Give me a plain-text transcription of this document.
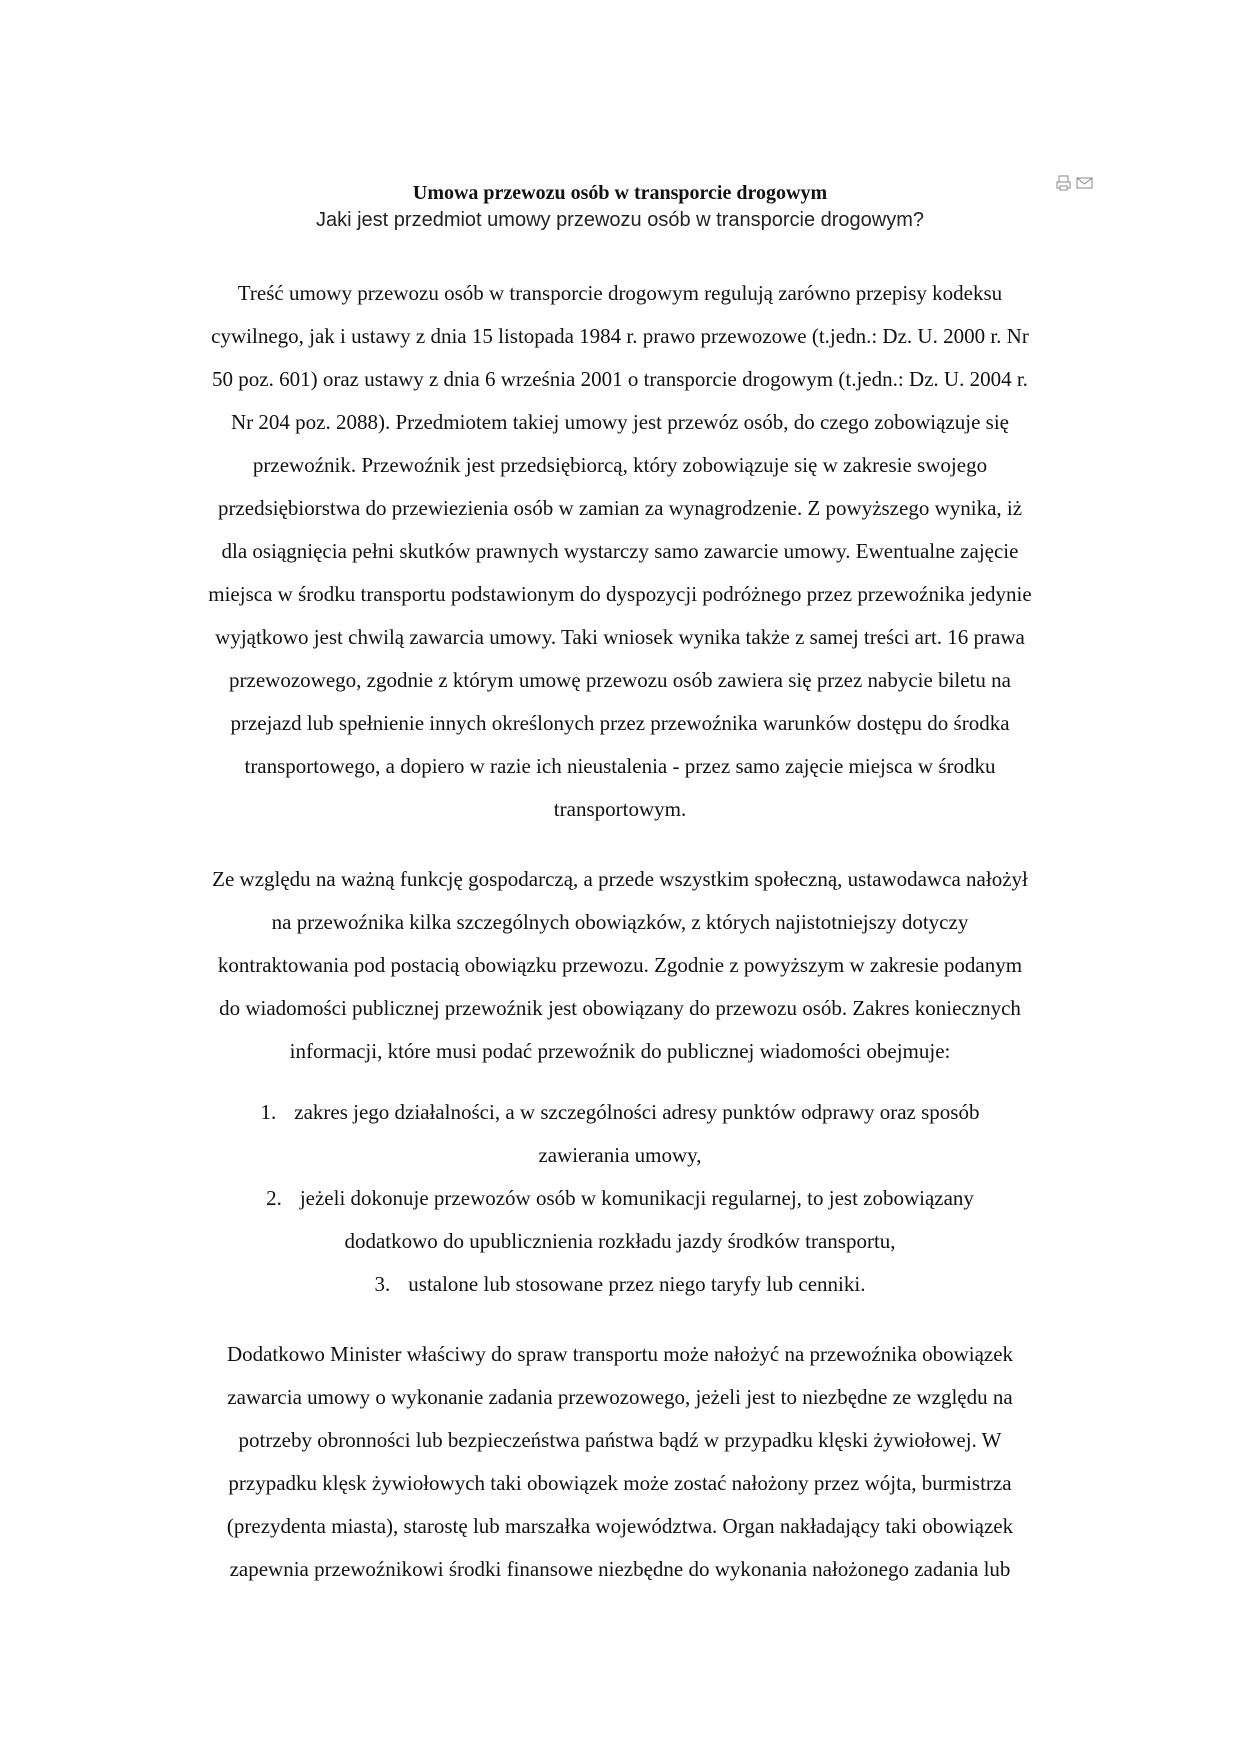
Umowa przewozu osób w transporcie drogowym
Jaki jest przedmiot umowy przewozu osób w transporcie drogowym?
Treść umowy przewozu osób w transporcie drogowym regulują zarówno przepisy kodeksu
cywilnego, jak i ustawy z dnia 15 listopada 1984 r. prawo przewozowe (t.jedn.: Dz. U. 2000 r. Nr
50 poz. 601) oraz ustawy z dnia 6 września 2001 o transporcie drogowym (t.jedn.: Dz. U. 2004 r.
Nr 204 poz. 2088). Przedmiotem takiej umowy jest przewóz osób, do czego zobowiązuje się
przewoźnik. Przewoźnik jest przedsiębiorcą, który zobowiązuje się w zakresie swojego
przedsiębiorstwa do przewiezienia osób w zamian za wynagrodzenie. Z powyższego wynika, iż
dla osiągnięcia pełni skutków prawnych wystarczy samo zawarcie umowy. Ewentualne zajęcie
miejsca w środku transportu podstawionym do dyspozycji podróżnego przez przewoźnika jedynie
wyjątkowo jest chwilą zawarcia umowy. Taki wniosek wynika także z samej treści art. 16 prawa
przewozowego, zgodnie z którym umowę przewozu osób zawiera się przez nabycie biletu na
przejazd lub spełnienie innych określonych przez przewoźnika warunków dostępu do środka
transportowego, a dopiero w razie ich nieustalenia - przez samo zajęcie miejsca w środku
transportowym.
Ze względu na ważną funkcję gospodarczą, a przede wszystkim społeczną, ustawodawca nałożył
na przewoźnika kilka szczególnych obowiązków, z których najistotniejszy dotyczy
kontraktowania pod postacią obowiązku przewozu. Zgodnie z powyższym w zakresie podanym
do wiadomości publicznej przewoźnik jest obowiązany do przewozu osób. Zakres koniecznych
informacji, które musi podać przewoźnik do publicznej wiadomości obejmuje:
1. zakres jego działalności, a w szczególności adresy punktów odprawy oraz sposób
zawierania umowy,
2. jeżeli dokonuje przewozów osób w komunikacji regularnej, to jest zobowiązany
dodatkowo do upublicznienia rozkładu jazdy środków transportu,
3. ustalone lub stosowane przez niego taryfy lub cenniki.
Dodatkowo Minister właściwy do spraw transportu może nałożyć na przewoźnika obowiązek
zawarcia umowy o wykonanie zadania przewozowego, jeżeli jest to niezbędne ze względu na
potrzeby obronności lub bezpieczeństwa państwa bądź w przypadku klęski żywiołowej. W
przypadku klęsk żywiołowych taki obowiązek może zostać nałożony przez wójta, burmistrza
(prezydenta miasta), starostę lub marszałka województwa. Organ nakładający taki obowiązek
zapewnia przewoźnikowi środki finansowe niezbędne do wykonania nałożonego zadania lub
